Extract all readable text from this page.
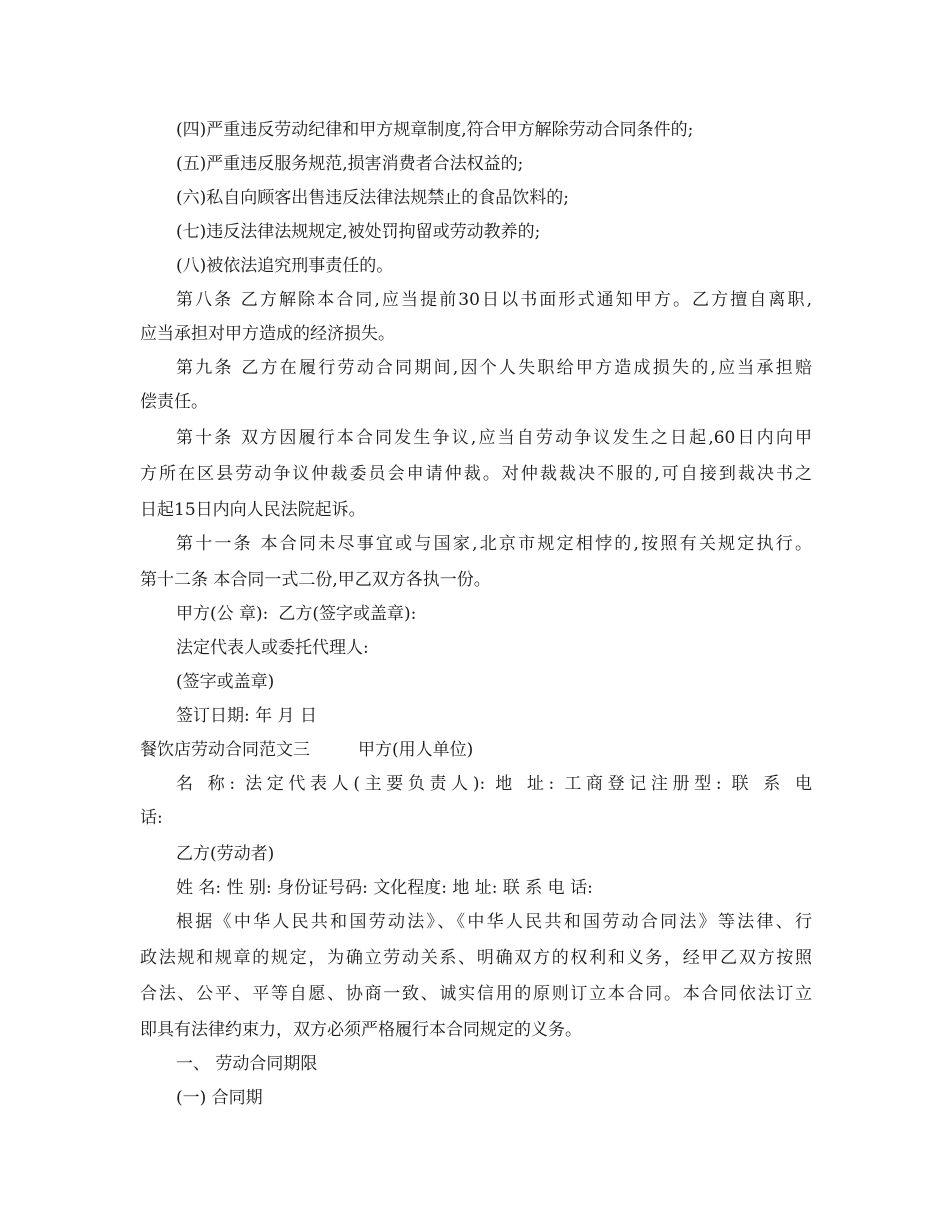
(四)严重违反劳动纪律和甲方规章制度,符合甲方解除劳动合同条件的;
(五)严重违反服务规范,损害消费者合法权益的;
(六)私自向顾客出售违反法律法规禁止的食品饮料的;
(七)违反法律法规规定,被处罚拘留或劳动教养的;
(八)被依法追究刑事责任的。
第八条 乙方解除本合同,应当提前30日以书面形式通知甲方。乙方擅自离职,
应当承担对甲方造成的经济损失。
第九条 乙方在履行劳动合同期间,因个人失职给甲方造成损失的,应当承担赔
偿责任。
第十条 双方因履行本合同发生争议,应当自劳动争议发生之日起,60日内向甲
方所在区县劳动争议仲裁委员会申请仲裁。对仲裁裁决不服的,可自接到裁决书之
日起15日内向人民法院起诉。
第十一条 本合同未尽事宜或与国家,北京市规定相悖的,按照有关规定执行。
第十二条 本合同一式二份,甲乙双方各执一份。
甲方(公 章): 乙方(签字或盖章):
法定代表人或委托代理人:
(签字或盖章)
签订日期: 年 月 日
餐饮店劳动合同范文三	甲方(用人单位)
名 称: 法定代表人(主要负责人): 地 址: 工商登记注册型: 联 系 电
话:
乙方(劳动者)
姓 名: 性 别: 身份证号码: 文化程度: 地 址: 联 系 电 话:
根据《中华人民共和国劳动法》、《中华人民共和国劳动合同法》等法律、行
政法规和规章的规定，为确立劳动关系、明确双方的权利和义务，经甲乙双方按照
合法、公平、平等自愿、协商一致、诚实信用的原则订立本合同。本合同依法订立
即具有法律约束力，双方必须严格履行本合同规定的义务。
一、 劳动合同期限
(一) 合同期
